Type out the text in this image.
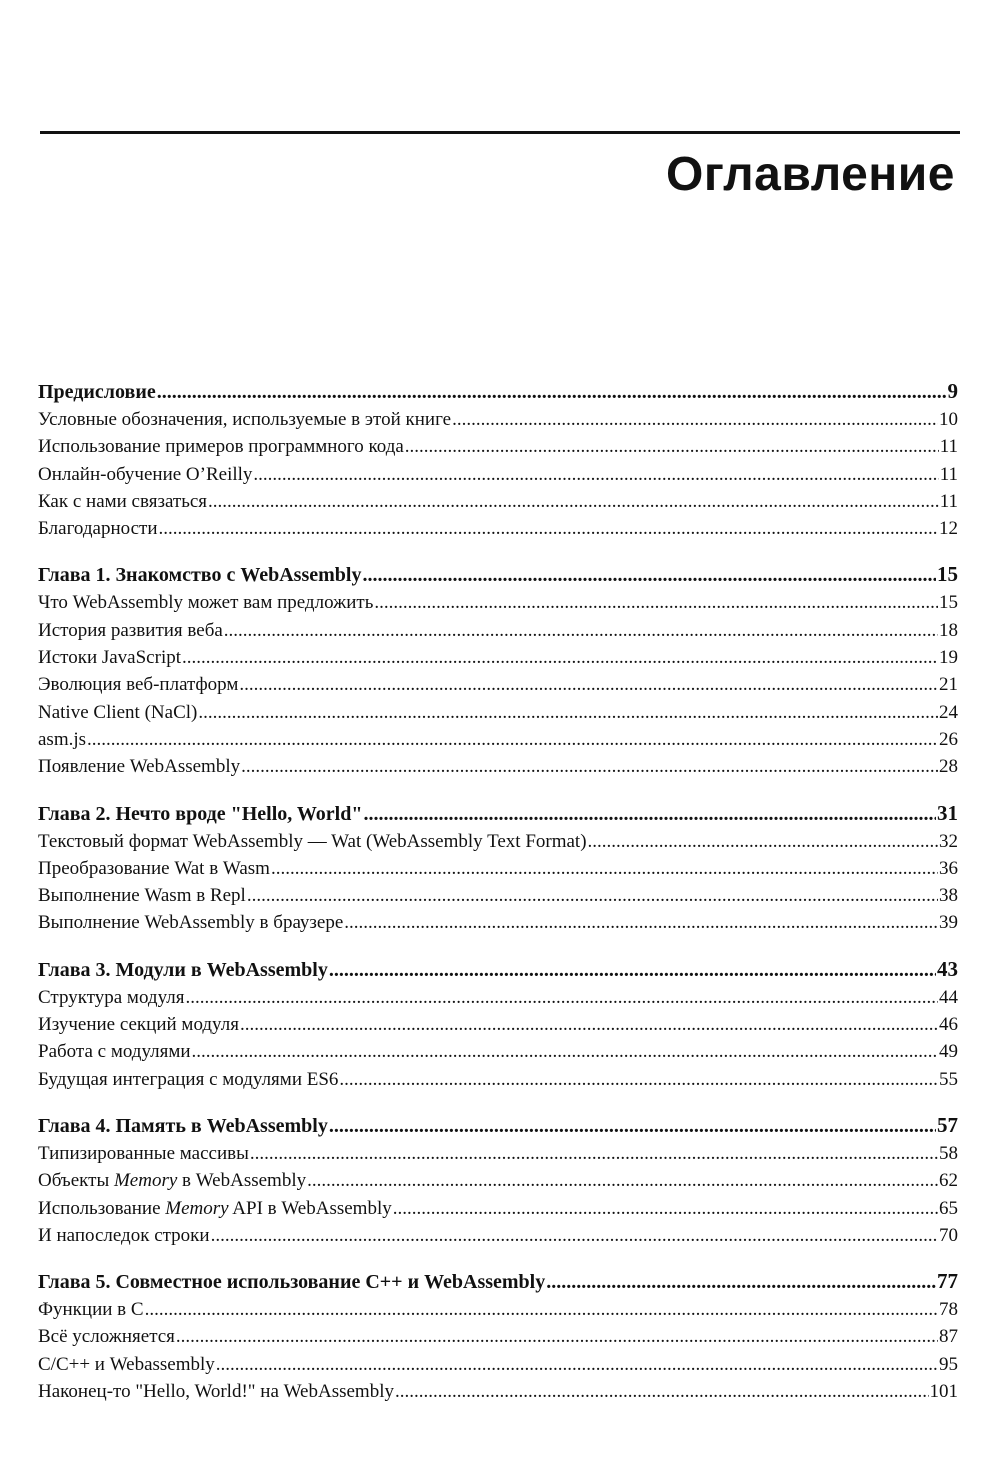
Оглавление
Предисловие .....	9
Условные обозначения, используемые в этой книге .....	10
Использование примеров программного кода .....	11
Онлайн-обучение O’Reilly .....	11
Как с нами связаться .....	11
Благодарности .....	12
Глава 1. Знакомство с WebAssembly .....	15
Что WebAssembly может вам предложить .....	15
История развития веба .....	18
Истоки JavaScript .....	19
Эволюция веб-платформ .....	21
Native Client (NaCl) .....	24
asm.js .....	26
Появление WebAssembly .....	28
Глава 2. Нечто вроде "Hello, World" .....	31
Текстовый формат WebAssembly — Wat (WebAssembly Text Format) .....	32
Преобразование Wat в Wasm .....	36
Выполнение Wasm в Repl .....	38
Выполнение WebAssembly в браузере .....	39
Глава 3. Модули в WebAssembly .....	43
Структура модуля .....	44
Изучение секций модуля .....	46
Работа с модулями .....	49
Будущая интеграция с модулями ES6 .....	55
Глава 4. Память в WebAssembly .....	57
Типизированные массивы .....	58
Объекты Memory в WebAssembly .....	62
Использование Memory API в WebAssembly .....	65
И напоследок строки .....	70
Глава 5. Совместное использование C++ и WebAssembly .....	77
Функции в C .....	78
Всё усложняется .....	87
C/C++ и Webassembly .....	95
Наконец-то "Hello, World!" на WebAssembly .....	101
